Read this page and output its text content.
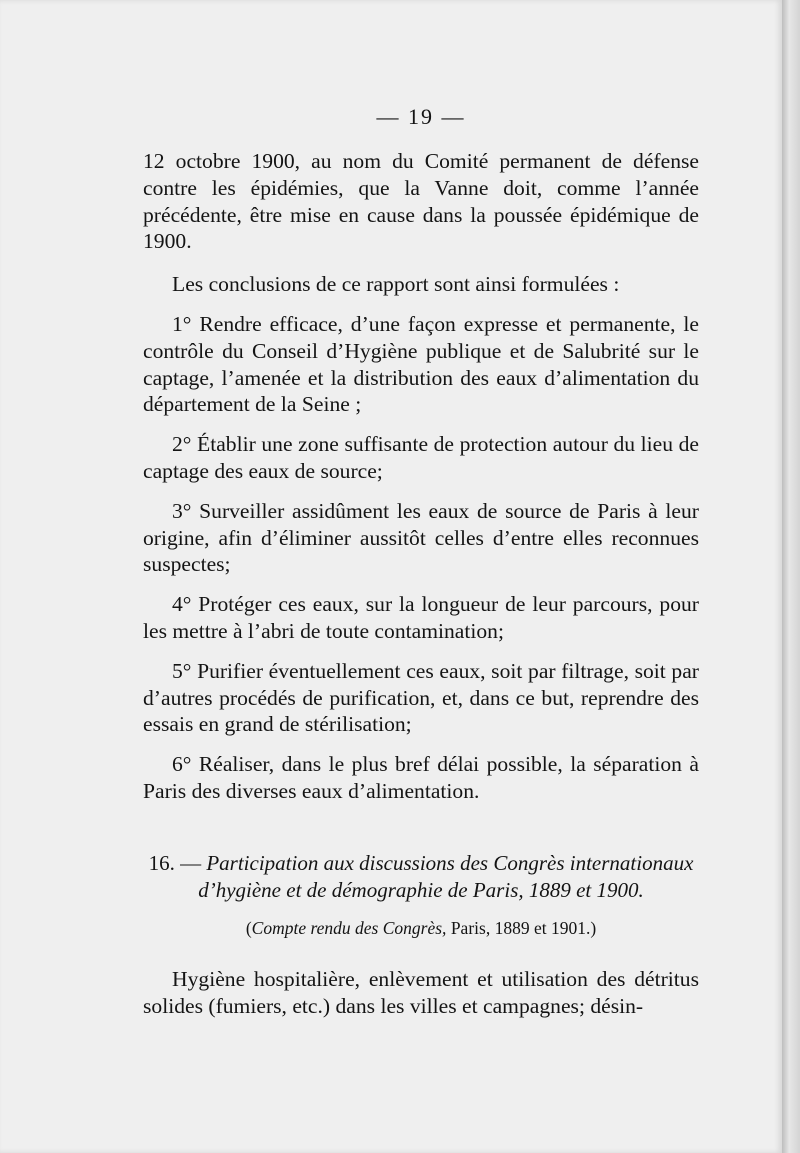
— 19 —

12 octobre 1900, au nom du Comité permanent de défense contre les épidémies, que la Vanne doit, comme l’année précédente, être mise en cause dans la poussée épidémique de 1900.

Les conclusions de ce rapport sont ainsi formulées :

1° Rendre efficace, d’une façon expresse et permanente, le contrôle du Conseil d’Hygiène publique et de Salubrité sur le captage, l’amenée et la distribution des eaux d’alimentation du département de la Seine ;

2° Établir une zone suffisante de protection autour du lieu de captage des eaux de source;

3° Surveiller assidûment les eaux de source de Paris à leur origine, afin d’éliminer aussitôt celles d’entre elles reconnues suspectes;

4° Protéger ces eaux, sur la longueur de leur parcours, pour les mettre à l’abri de toute contamination;

5° Purifier éventuellement ces eaux, soit par filtrage, soit par d’autres procédés de purification, et, dans ce but, reprendre des essais en grand de stérilisation;

6° Réaliser, dans le plus bref délai possible, la séparation à Paris des diverses eaux d’alimentation.

16. — Participation aux discussions des Congrès internationaux d’hygiène et de démographie de Paris, 1889 et 1900.

(Compte rendu des Congrès, Paris, 1889 et 1901.)

Hygiène hospitalière, enlèvement et utilisation des détritus solides (fumiers, etc.) dans les villes et campagnes; désin-
